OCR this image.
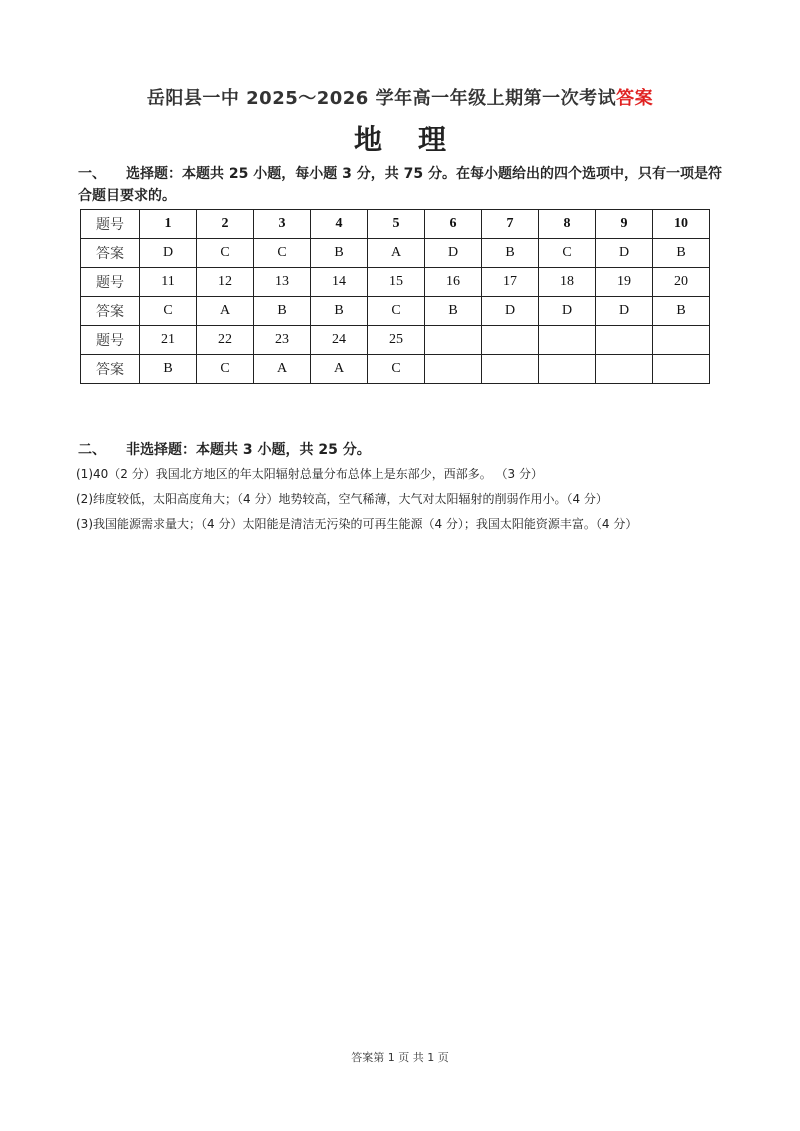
岳阳县一中 2025～2026 学年高一年级上期第一次考试答案
地 理
一、 选择题：本题共 25 小题，每小题 3 分，共 75 分。在每小题给出的四个选项中，只有一项是符合题目要求的。
题号	1	2	3	4	5	6	7	8	9	10
答案	D	C	C	B	A	D	B	C	D	B
题号	11	12	13	14	15	16	17	18	19	20
答案	C	A	B	B	C	B	D	D	D	B
题号	21	22	23	24	25					
答案	B	C	A	A	C					
二、 非选择题：本题共 3 小题，共 25 分。
(1)40（2 分）我国北方地区的年太阳辐射总量分布总体上是东部少，西部多。 （3 分）
(2)纬度较低，太阳高度角大；（4 分）地势较高，空气稀薄，大气对太阳辐射的削弱作用小。（4 分）
(3)我国能源需求量大；（4 分）太阳能是清洁无污染的可再生能源（4 分）；我国太阳能资源丰富。（4 分）
答案第 1 页 共 1 页
